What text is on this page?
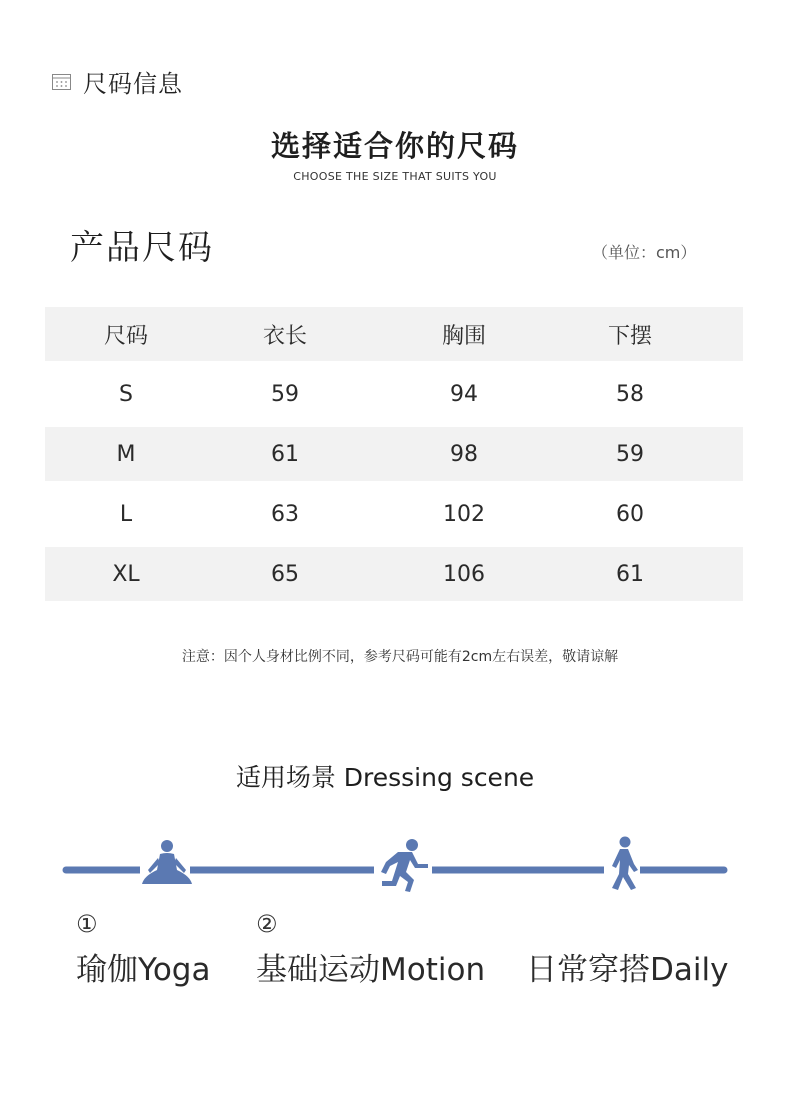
尺码信息
选择适合你的尺码
CHOOSE THE SIZE THAT SUITS YOU
产品尺码	（单位：cm）
尺码	衣长	胸围	下摆
S	59	94	58
M	61	98	59
L	63	102	60
XL	65	106	61
注意：因个人身材比例不同，参考尺码可能有2cm左右误差，敬请谅解
适用场景 Dressing scene
①
瑜伽Yoga
②
基础运动Motion 日常穿搭Daily
